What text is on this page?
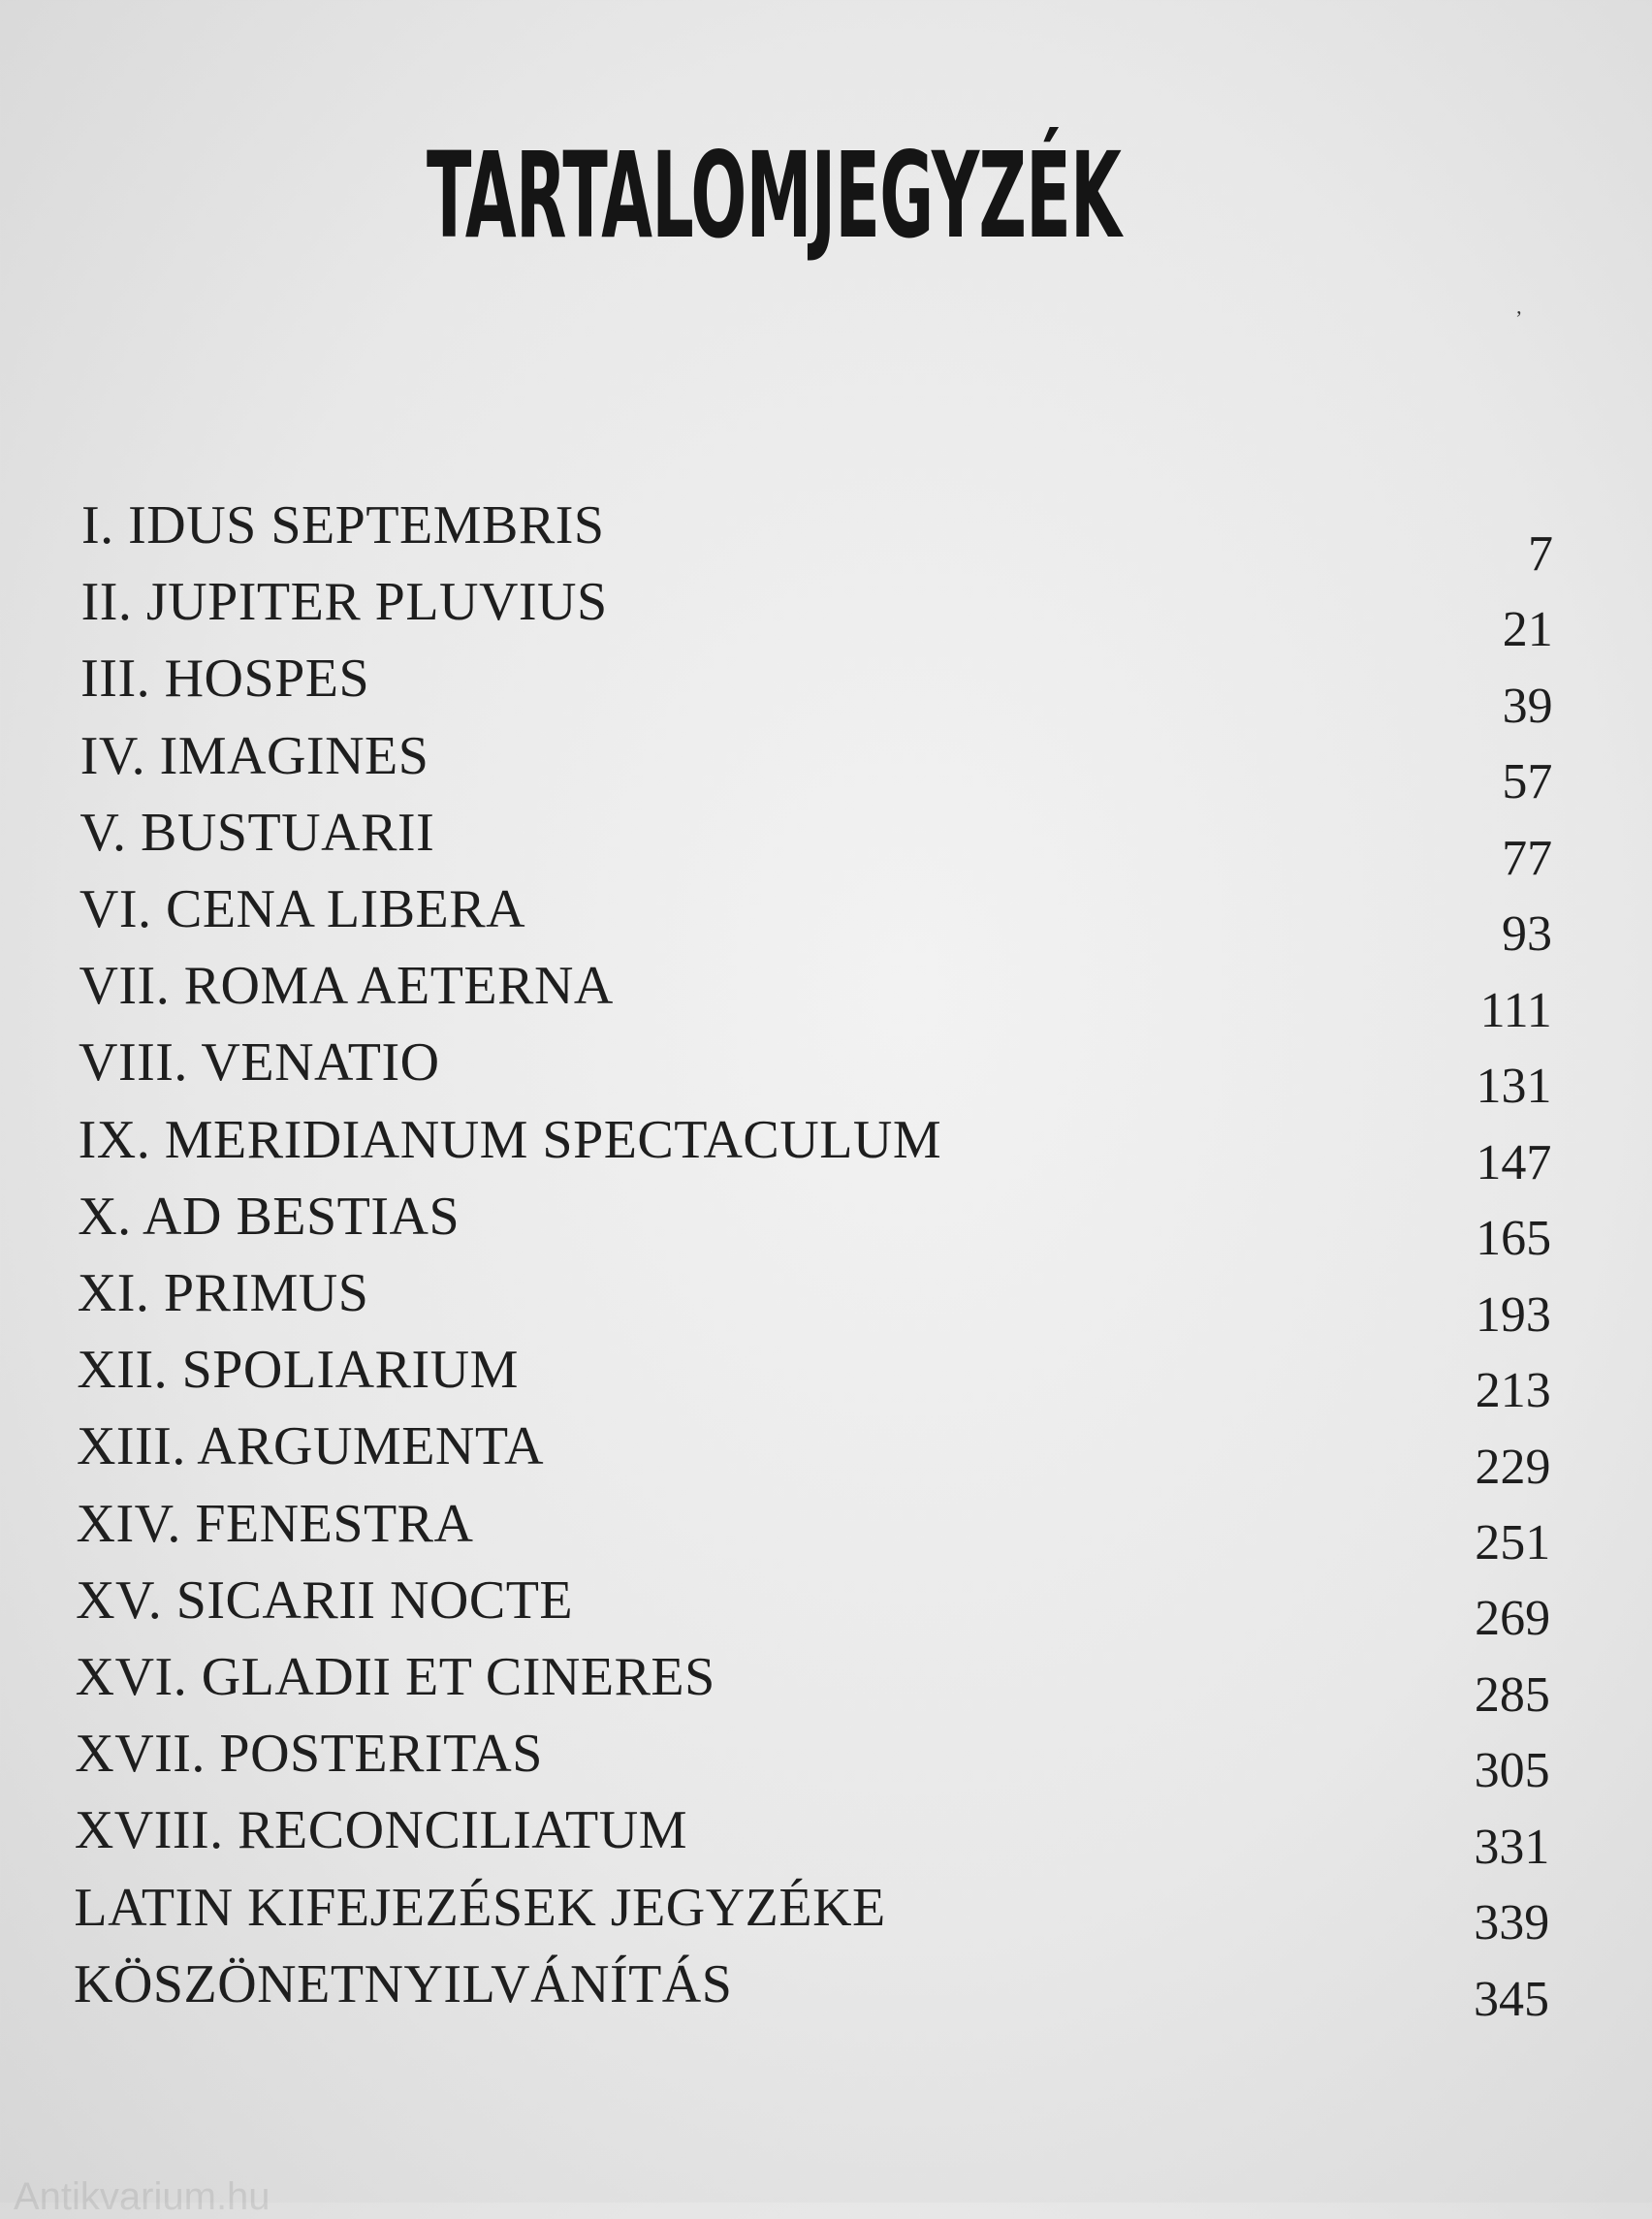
TARTALOMJEGYZÉK
ʼ
I. IDUS SEPTEMBRIS	7
II. JUPITER PLUVIUS	21
III. HOSPES	39
IV. IMAGINES	57
V. BUSTUARII	77
VI. CENA LIBERA	93
VII. ROMA AETERNA	111
VIII. VENATIO	131
IX. MERIDIANUM SPECTACULUM	147
X. AD BESTIAS	165
XI. PRIMUS	193
XII. SPOLIARIUM	213
XIII. ARGUMENTA	229
XIV. FENESTRA	251
XV. SICARII NOCTE	269
XVI. GLADII ET CINERES	285
XVII. POSTERITAS	305
XVIII. RECONCILIATUM	331
LATIN KIFEJEZÉSEK JEGYZÉKE	339
KÖSZÖNETNYILVÁNÍTÁS	345
Antikvarium.hu
